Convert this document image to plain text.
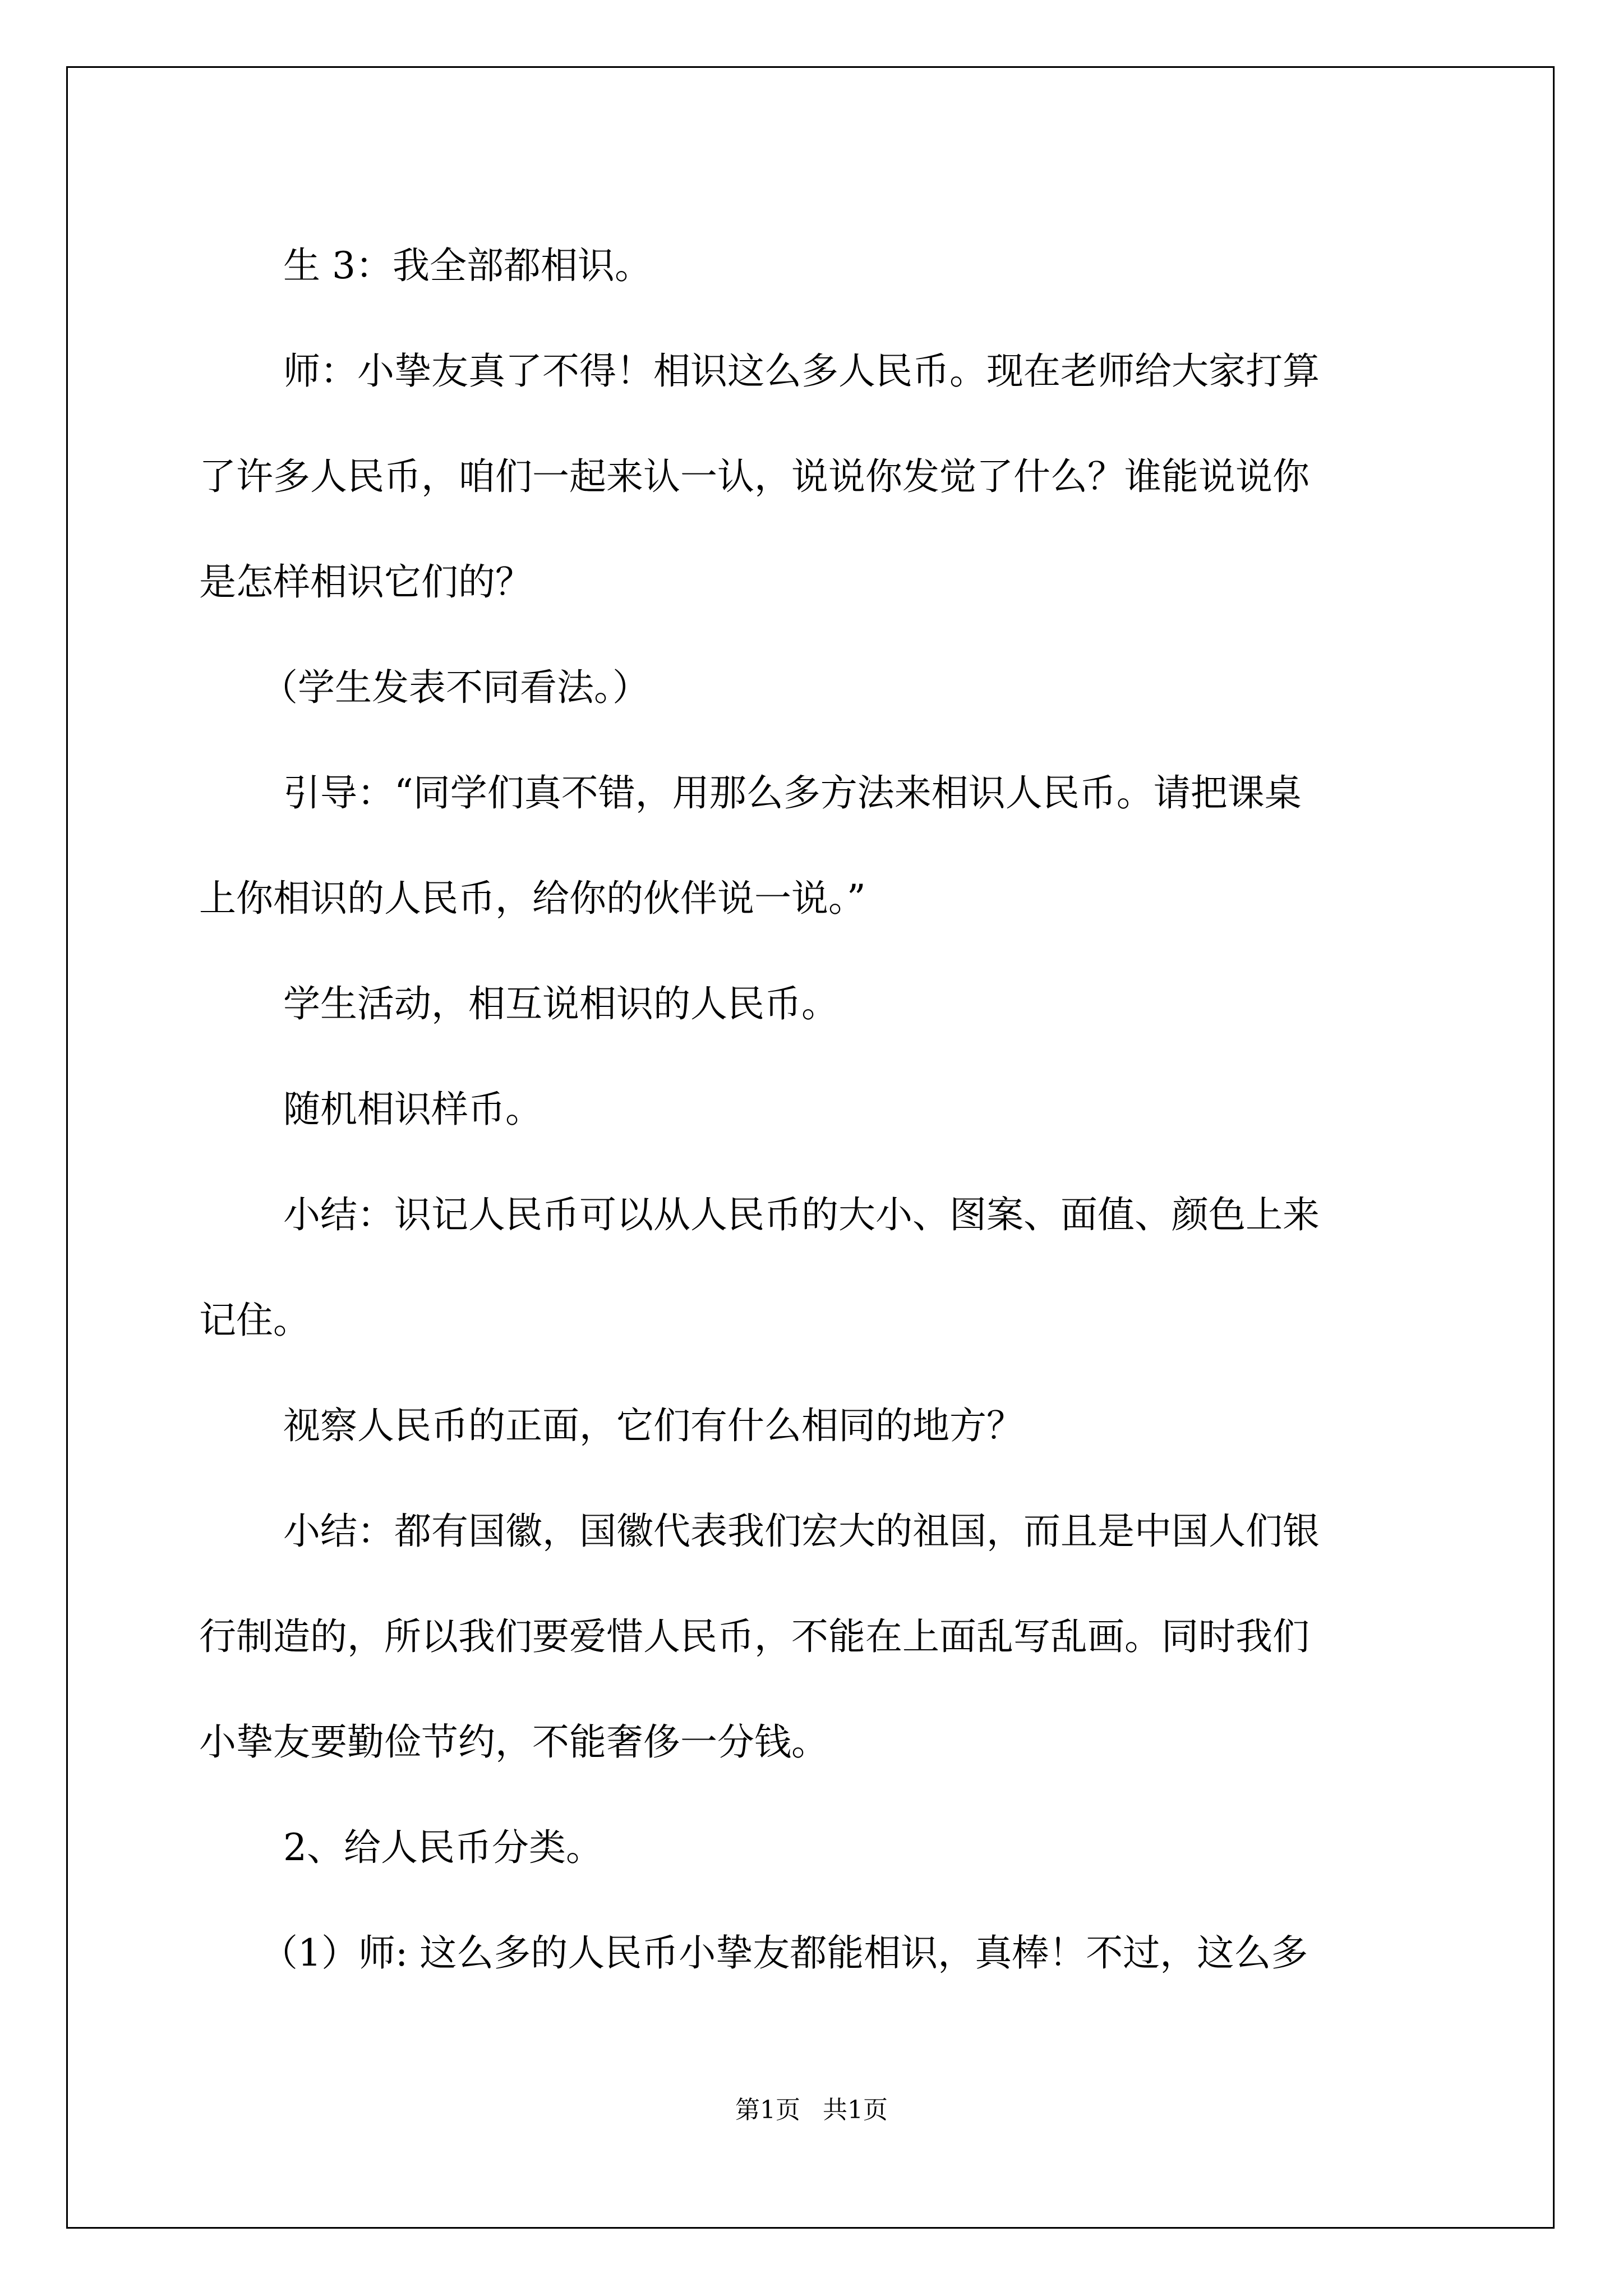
生 3：我全部都相识。
师：小挚友真了不得！相识这么多人民币。现在老师给大家打算
了许多人民币，咱们一起来认一认，说说你发觉了什么？谁能说说你
是怎样相识它们的？
（学生发表不同看法。）
引导：“同学们真不错，用那么多方法来相识人民币。请把课桌
上你相识的人民币，给你的伙伴说一说。”
学生活动，相互说相识的人民币。
随机相识样币。
小结：识记人民币可以从人民币的大小、图案、面值、颜色上来
记住。
视察人民币的正面，它们有什么相同的地方？
小结：都有国徽，国徽代表我们宏大的祖国，而且是中国人们银
行制造的，所以我们要爱惜人民币，不能在上面乱写乱画。同时我们
小挚友要勤俭节约，不能奢侈一分钱。
2、给人民币分类。
（1）师: 这么多的人民币小挚友都能相识，真棒！不过，这么多
第1页 共1页
